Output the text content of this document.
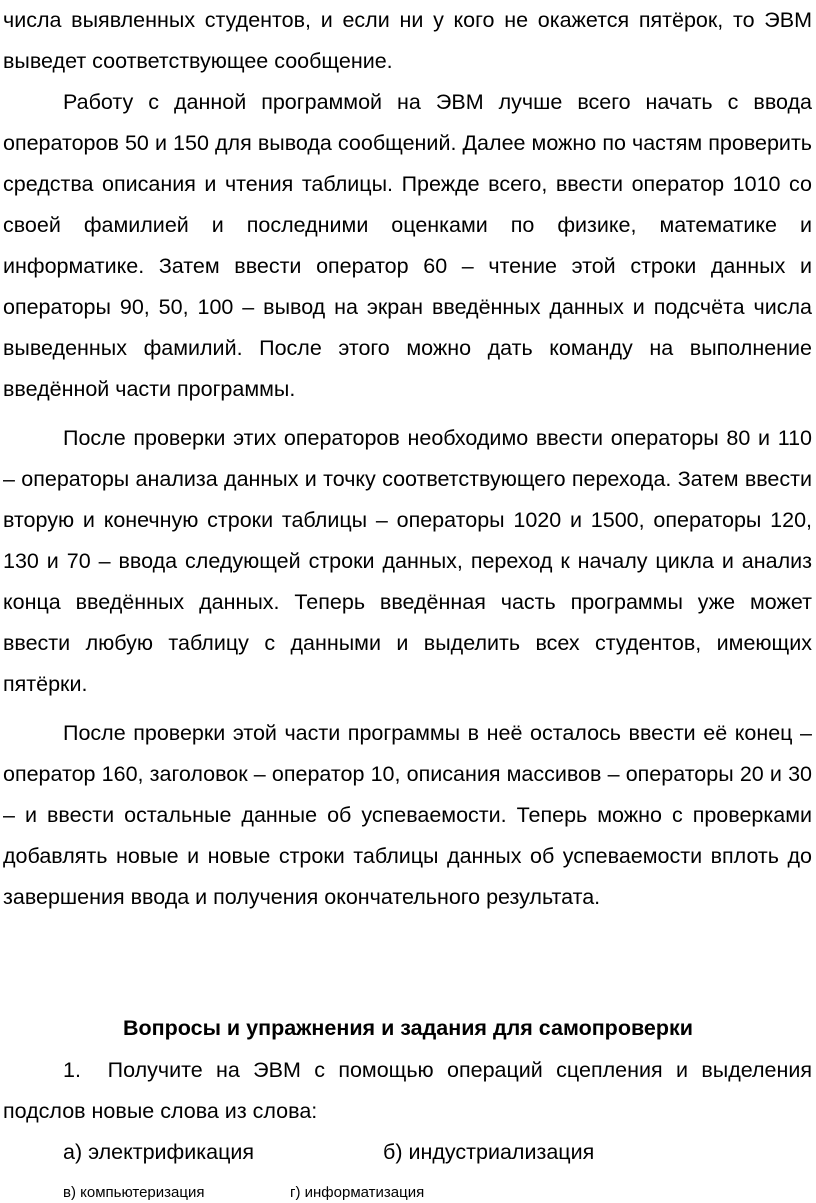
числа выявленных студентов, и если ни у кого не окажется пятёрок, то ЭВМ выведет соответствующее сообщение.

Работу с данной программой на ЭВМ лучше всего начать с ввода операторов 50 и 150 для вывода сообщений. Далее можно по частям проверить средства описания и чтения таблицы. Прежде всего, ввести оператор 1010 со своей фамилией и последними оценками по физике, математике и информатике. Затем ввести оператор 60 – чтение этой строки данных и операторы 90, 50, 100 – вывод на экран введённых данных и подсчёта числа выведенных фамилий. После этого можно дать команду на выполнение введённой части программы.

После проверки этих операторов необходимо ввести операторы 80 и 110 – операторы анализа данных и точку соответствующего перехода. Затем ввести вторую и конечную строки таблицы – операторы 1020 и 1500, операторы 120, 130 и 70 – ввода следующей строки данных, переход к началу цикла и анализ конца введённых данных. Теперь введённая часть программы уже может ввести любую таблицу с данными и выделить всех студентов, имеющих пятёрки.

После проверки этой части программы в неё осталось ввести её конец – оператор 160, заголовок – оператор 10, описания массивов – операторы 20 и 30 – и ввести остальные данные об успеваемости. Теперь можно с проверками добавлять новые и новые строки таблицы данных об успеваемости вплоть до завершения ввода и получения окончательного результата.

Вопросы и упражнения и задания для самопроверки

1. Получите на ЭВМ с помощью операций сцепления и выделения подслов новые слова из слова:
а) электрификация	б) индустриализация
в) компьютеризация	г) информатизация
